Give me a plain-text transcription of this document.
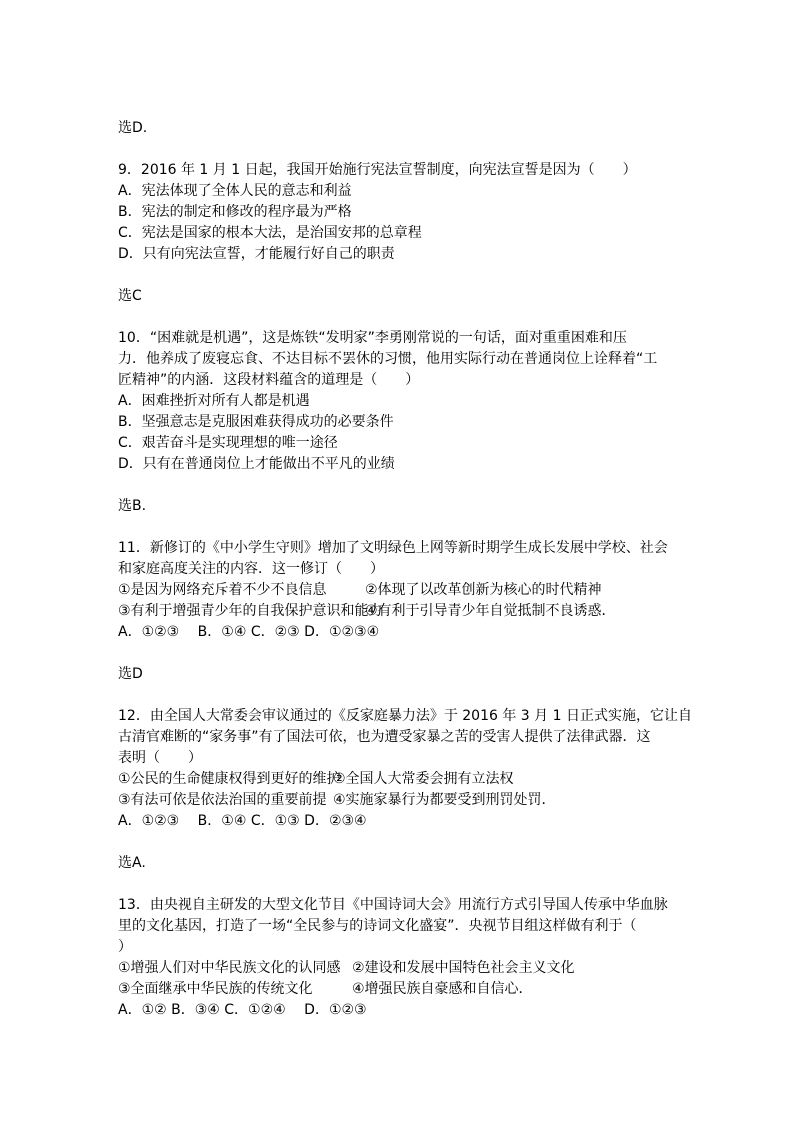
选D.
9．2016 年 1 月 1 日起，我国开始施行宪法宣誓制度，向宪法宣誓是因为（　　）
A．宪法体现了全体人民的意志和利益
B．宪法的制定和修改的程序最为严格
C．宪法是国家的根本大法，是治国安邦的总章程
D．只有向宪法宣誓，才能履行好自己的职责
选C
10．“困难就是机遇”，这是炼铁“发明家”李勇刚常说的一句话，面对重重困难和压
力．他养成了废寝忘食、不达目标不罢休的习惯，他用实际行动在普通岗位上诠释着“工
匠精神”的内涵．这段材料蕴含的道理是（　　）
A．困难挫折对所有人都是机遇
B．坚强意志是克服困难获得成功的必要条件
C．艰苦奋斗是实现理想的唯一途径
D．只有在普通岗位上才能做出不平凡的业绩
选B.
11．新修订的《中小学生守则》增加了文明绿色上网等新时期学生成长发展中学校、社会
和家庭高度关注的内容．这一修订（　　）
①是因为网络充斥着不少不良信息	②体现了以改革创新为核心的时代精神
③有利于增强青少年的自我保护意识和能力
④有利于引导青少年自觉抵制不良诱惑．
A．①②③　 B．①④ C．②③ D．①②③④
选D
12．由全国人大常委会审议通过的《反家庭暴力法》于 2016 年 3 月 1 日正式实施，它让自
古清官难断的“家务事”有了国法可依，也为遭受家暴之苦的受害人提供了法律武器．这
表明（　　）
①公民的生命健康权得到更好的维护
②全国人大常委会拥有立法权
③有法可依是依法治国的重要前提 ④实施家暴行为都要受到刑罚处罚．
A．①②③　 B．①④ C．①③ D．②③④
选A.
13．由央视自主研发的大型文化节目《中国诗词大会》用流行方式引导国人传承中华血脉
里的文化基因，打造了一场“全民参与的诗词文化盛宴”．央视节目组这样做有利于（
）
①增强人们对中华民族文化的认同感 ②建设和发展中国特色社会主义文化
③全面继承中华民族的传统文化	④增强民族自豪感和自信心．
A．①② B．③④ C．①②④　 D．①②③
